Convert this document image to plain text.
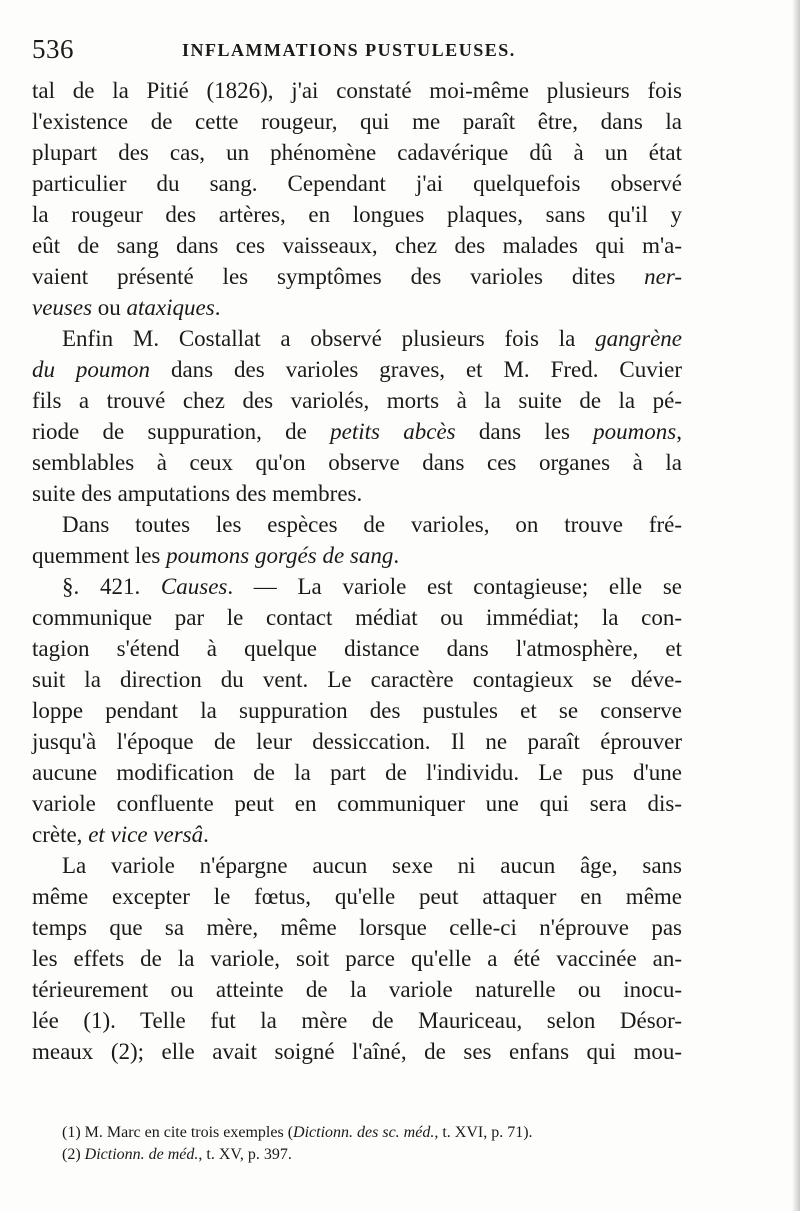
536	INFLAMMATIONS PUSTULEUSES.
tal de la Pitié (1826), j'ai constaté moi-même plusieurs fois
l'existence de cette rougeur, qui me paraît être, dans la
plupart des cas, un phénomène cadavérique dû à un état
particulier du sang. Cependant j'ai quelquefois observé
la rougeur des artères, en longues plaques, sans qu'il y
eût de sang dans ces vaisseaux, chez des malades qui m'a-
vaient présenté les symptômes des varioles dites ner-
veuses ou ataxiques.
Enfin M. Costallat a observé plusieurs fois la gangrène
du poumon dans des varioles graves, et M. Fred. Cuvier
fils a trouvé chez des variolés, morts à la suite de la pé-
riode de suppuration, de petits abcès dans les poumons,
semblables à ceux qu'on observe dans ces organes à la
suite des amputations des membres.
Dans toutes les espèces de varioles, on trouve fré-
quemment les poumons gorgés de sang.
§. 421. Causes. — La variole est contagieuse; elle se
communique par le contact médiat ou immédiat; la con-
tagion s'étend à quelque distance dans l'atmosphère, et
suit la direction du vent. Le caractère contagieux se déve-
loppe pendant la suppuration des pustules et se conserve
jusqu'à l'époque de leur dessiccation. Il ne paraît éprouver
aucune modification de la part de l'individu. Le pus d'une
variole confluente peut en communiquer une qui sera dis-
crète, et vice versâ.
La variole n'épargne aucun sexe ni aucun âge, sans
même excepter le fœtus, qu'elle peut attaquer en même
temps que sa mère, même lorsque celle-ci n'éprouve pas
les effets de la variole, soit parce qu'elle a été vaccinée an-
térieurement ou atteinte de la variole naturelle ou inocu-
lée (1). Telle fut la mère de Mauriceau, selon Désor-
meaux (2); elle avait soigné l'aîné, de ses enfans qui mou-
(1) M. Marc en cite trois exemples (Dictionn. des sc. méd., t. XVI, p. 71).
(2) Dictionn. de méd., t. XV, p. 397.
